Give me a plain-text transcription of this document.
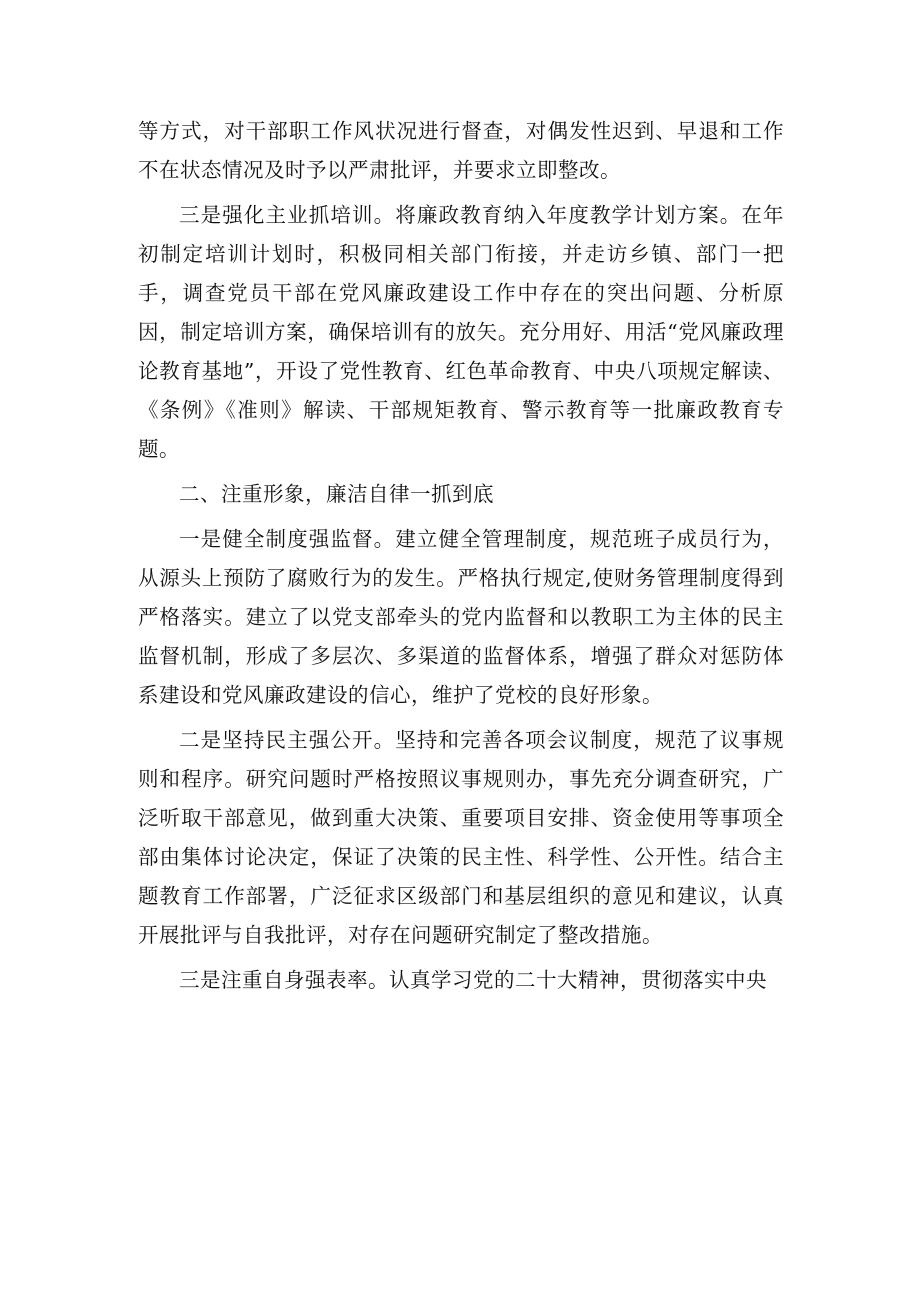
等方式，对干部职工作风状况进行督查，对偶发性迟到、早退和工作不在状态情况及时予以严肃批评，并要求立即整改。

三是强化主业抓培训。将廉政教育纳入年度教学计划方案。在年初制定培训计划时，积极同相关部门衔接，并走访乡镇、部门一把手，调查党员干部在党风廉政建设工作中存在的突出问题、分析原因，制定培训方案，确保培训有的放矢。充分用好、用活“党风廉政理论教育基地”，开设了党性教育、红色革命教育、中央八项规定解读、《条例》《准则》解读、干部规矩教育、警示教育等一批廉政教育专题。

二、注重形象，廉洁自律一抓到底

一是健全制度强监督。建立健全管理制度，规范班子成员行为，从源头上预防了腐败行为的发生。严格执行规定,使财务管理制度得到严格落实。建立了以党支部牵头的党内监督和以教职工为主体的民主监督机制，形成了多层次、多渠道的监督体系，增强了群众对惩防体系建设和党风廉政建设的信心，维护了党校的良好形象。

二是坚持民主强公开。坚持和完善各项会议制度，规范了议事规则和程序。研究问题时严格按照议事规则办，事先充分调查研究，广泛听取干部意见，做到重大决策、重要项目安排、资金使用等事项全部由集体讨论决定，保证了决策的民主性、科学性、公开性。结合主题教育工作部署，广泛征求区级部门和基层组织的意见和建议，认真开展批评与自我批评，对存在问题研究制定了整改措施。

三是注重自身强表率。认真学习党的二十大精神，贯彻落实中央
